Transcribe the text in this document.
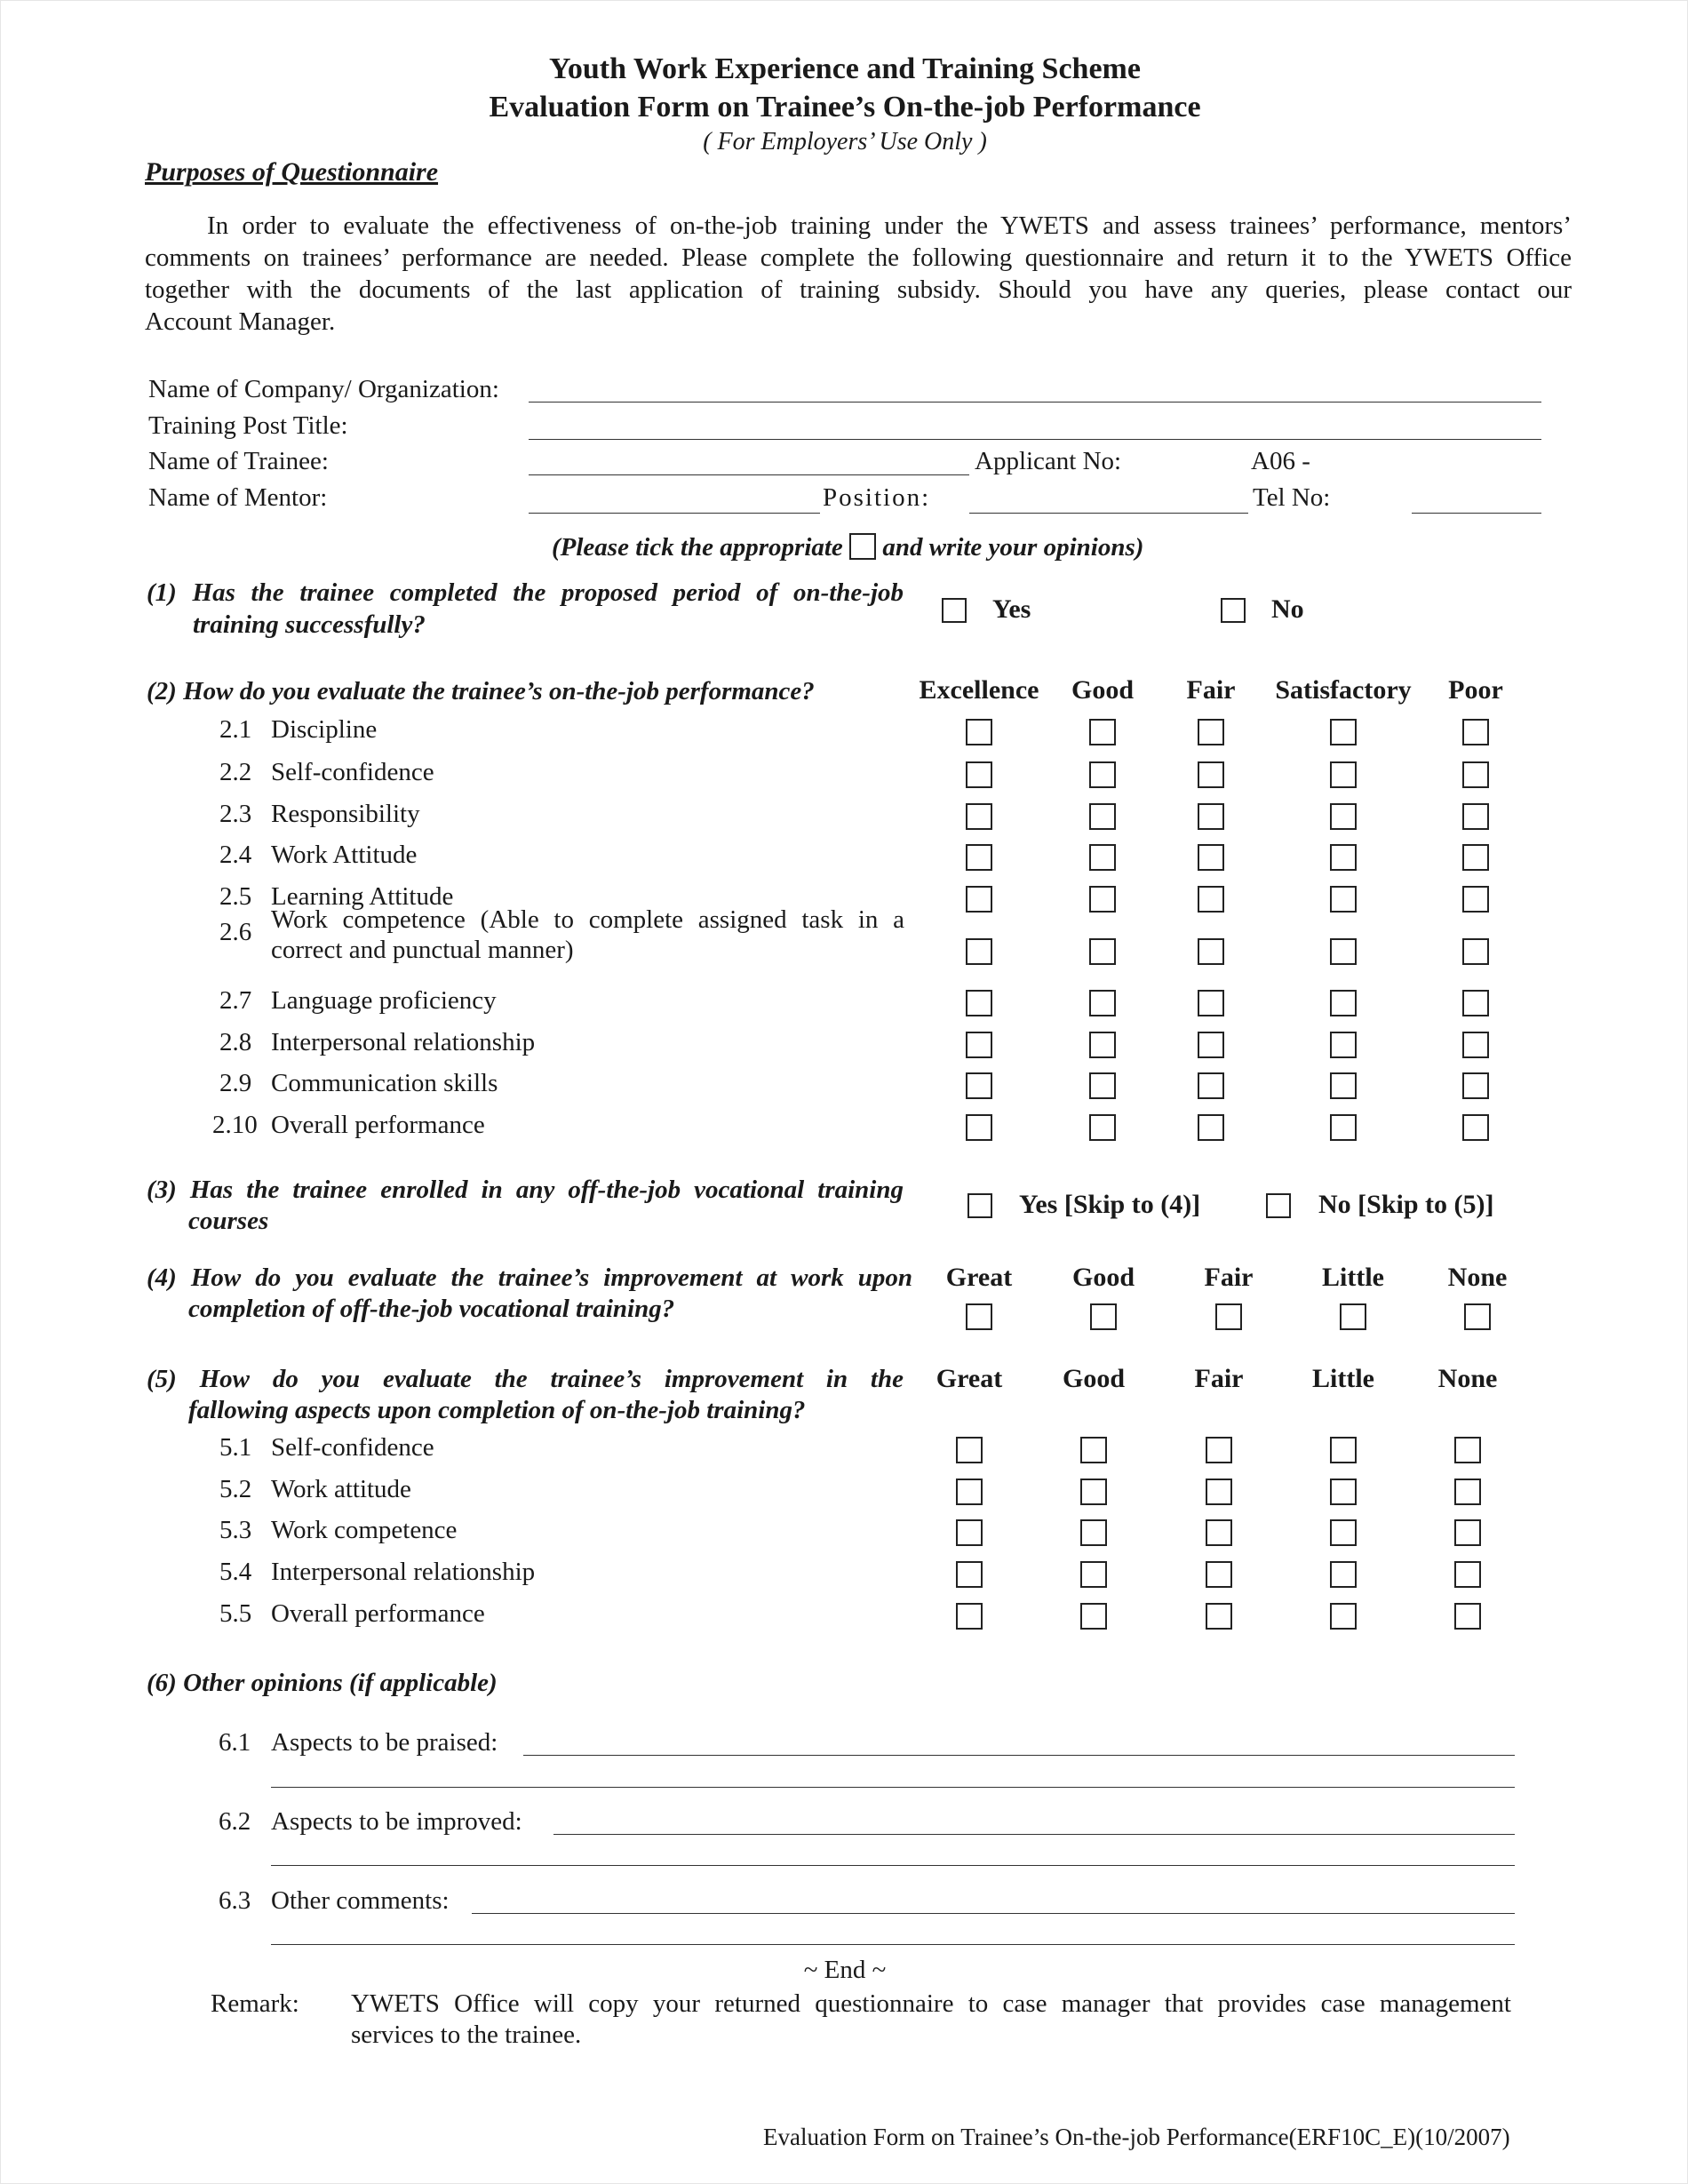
Youth Work Experience and Training Scheme
Evaluation Form on Trainee’s On-the-job Performance
( For Employers’ Use Only )
Purposes of Questionnaire
In order to evaluate the effectiveness of on-the-job training under the YWETS and assess trainees’ performance, mentors’
comments on trainees’ performance are needed. Please complete the following questionnaire and return it to the YWETS Office
together with the documents of the last application of training subsidy. Should you have any queries, please contact our
Account Manager.
Name of Company/ Organization:
Training Post Title:
Name of Trainee:	Applicant No:	A06 -
Name of Mentor:	Position:	Tel No:
(Please tick the appropriate  and write your opinions)
(1) Has the trainee completed the proposed period of on-the-job
training successfully?
Yes	No
(2) How do you evaluate the trainee’s on-the-job performance?	Excellence	Good	Fair	Satisfactory	Poor
2.1 Discipline
2.2 Self-confidence
2.3 Responsibility
2.4 Work Attitude
2.5 Learning Attitude
2.6 Work competence (Able to complete assigned task in a
correct and punctual manner)
2.7 Language proficiency
2.8 Interpersonal relationship
2.9 Communication skills
2.10 Overall performance
(3) Has the trainee enrolled in any off-the-job vocational training
courses
Yes [Skip to (4)]	No [Skip to (5)]
(4) How do you evaluate the trainee’s improvement at work upon
completion of off-the-job vocational training?
Great	Good	Fair	Little	None
(5) How do you evaluate the trainee’s improvement in the
fallowing aspects upon completion of on-the-job training?
Great	Good	Fair	Little	None
5.1 Self-confidence
5.2 Work attitude
5.3 Work competence
5.4 Interpersonal relationship
5.5 Overall performance
(6) Other opinions (if applicable)
6.1 Aspects to be praised:
6.2 Aspects to be improved:
6.3 Other comments:
~ End ~
Remark: YWETS Office will copy your returned questionnaire to case manager that provides case management
services to the trainee.
Evaluation Form on Trainee’s On-the-job Performance(ERF10C_E)(10/2007)
